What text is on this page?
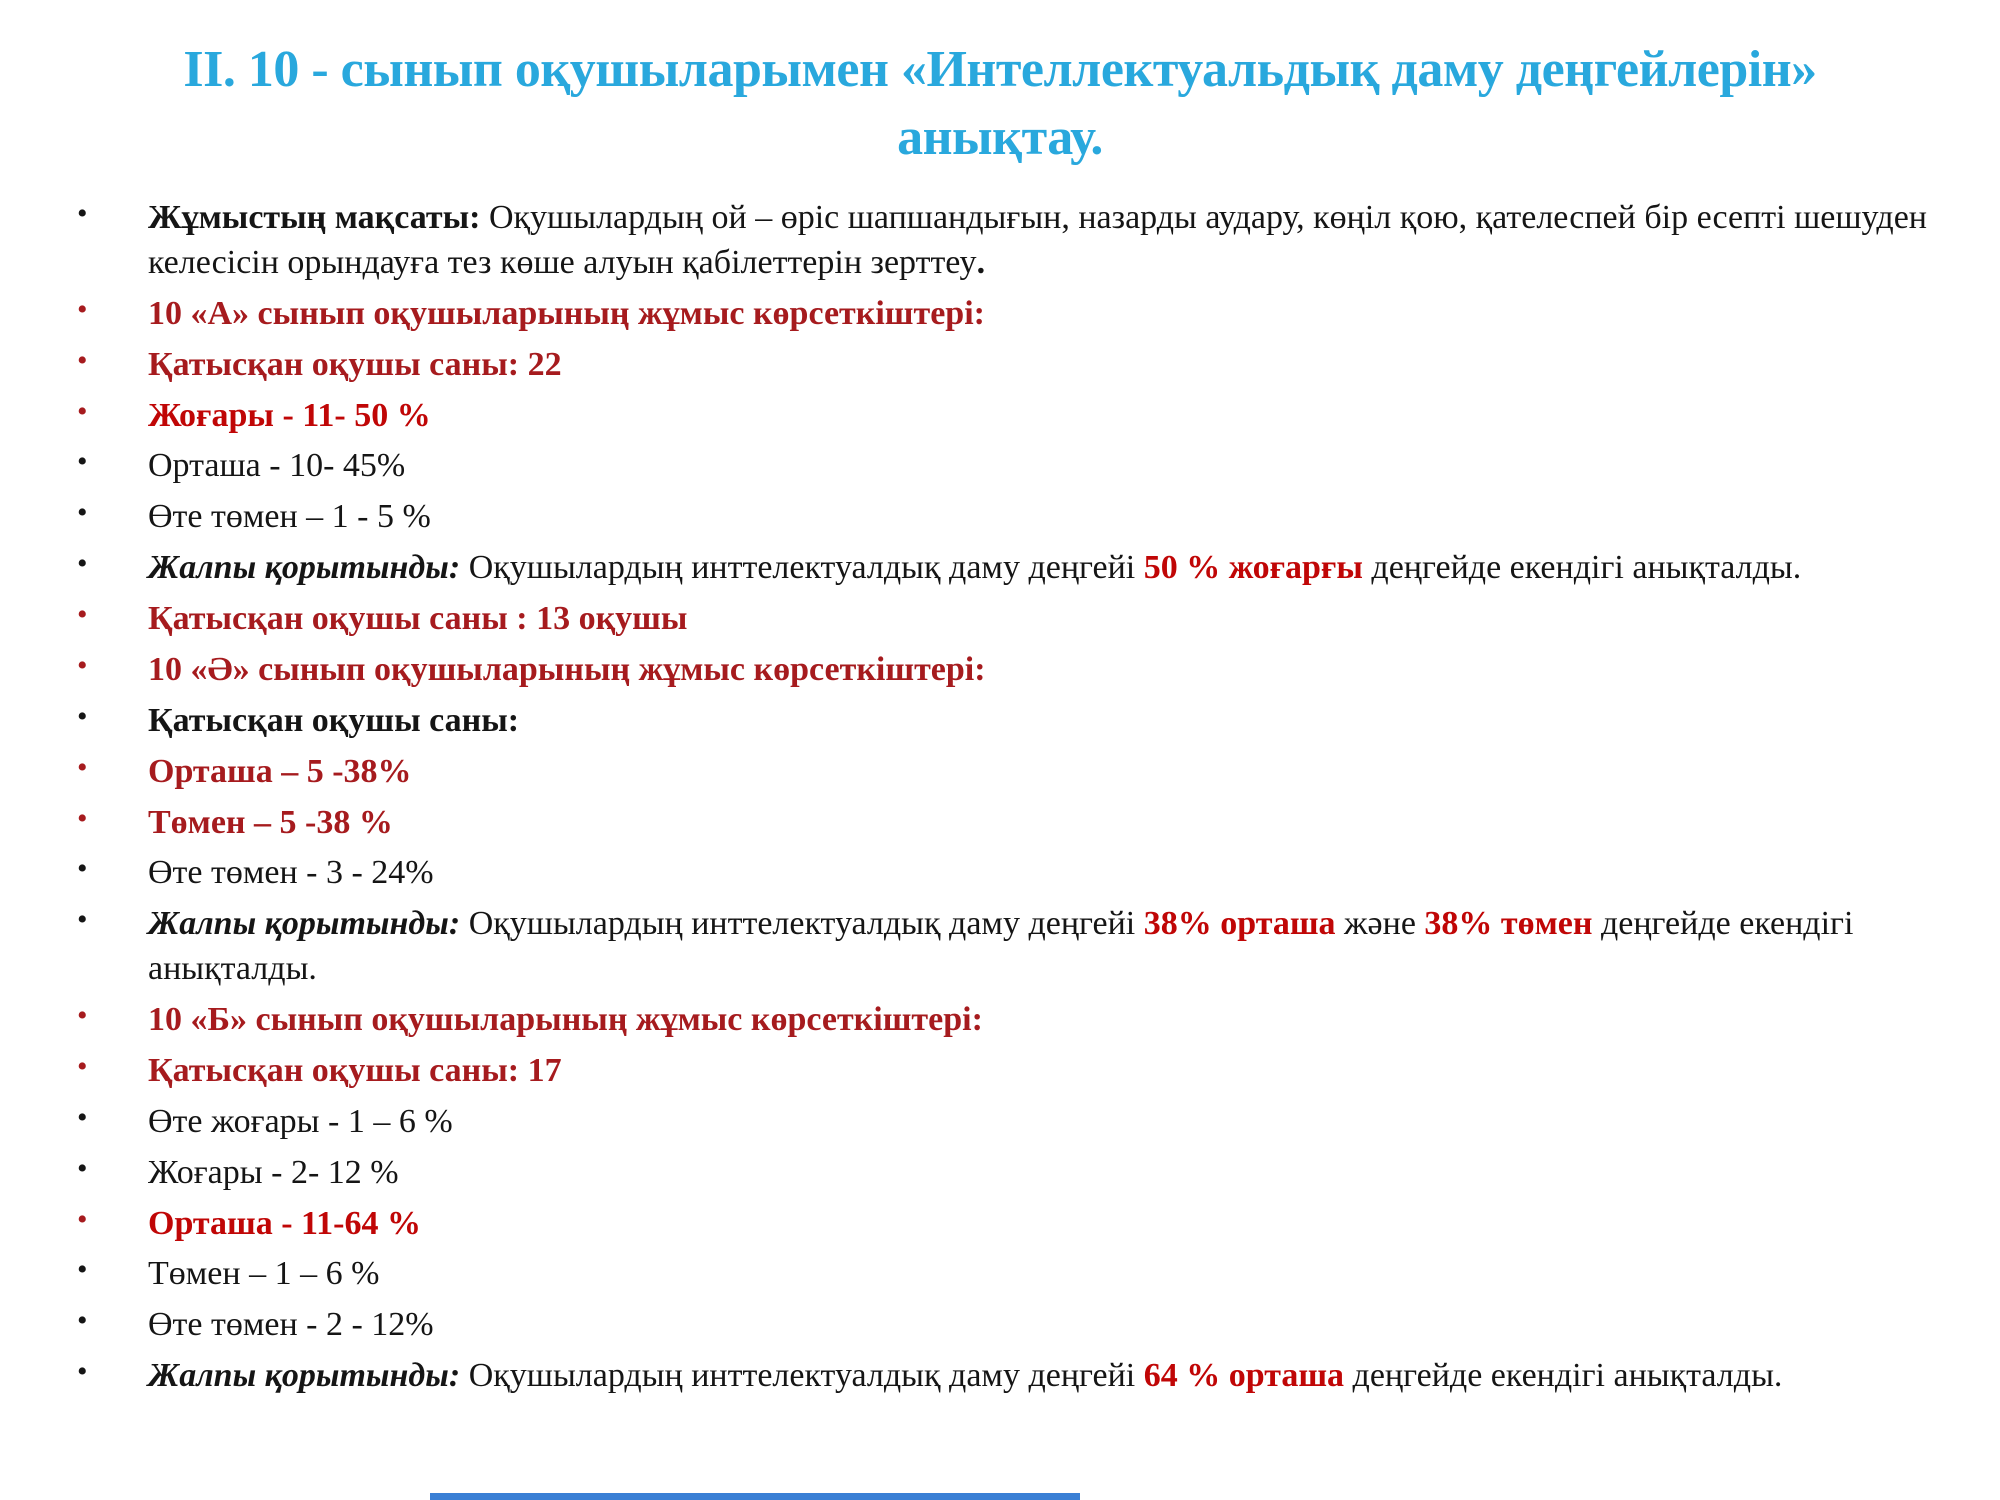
ІІ. 10 - сынып оқушыларымен «Интеллектуальдық даму деңгейлерін»
анықтау.
• Жұмыстың мақсаты: Оқушылардың ой – өріс шапшандығын, назарды аудару, көңіл қою, қателеспей бір есепті шешуден келесісін орындауға тез көше алуын қабілеттерін зерттеу.
• 10 «А» сынып оқушыларының жұмыс көрсеткіштері:
• Қатысқан оқушы саны: 22
• Жоғары - 11- 50 %
• Орташа - 10- 45%
• Өте төмен – 1 - 5 %
• Жалпы қорытынды: Оқушылардың инттелектуалдық даму деңгейі 50 % жоғарғы деңгейде екендігі анықталды.
• Қатысқан оқушы саны : 13 оқушы
• 10 «Ә» сынып оқушыларының жұмыс көрсеткіштері:
• Қатысқан оқушы саны:
• Орташа – 5 -38%
• Төмен – 5 -38 %
• Өте төмен - 3 - 24%
• Жалпы қорытынды: Оқушылардың инттелектуалдық даму деңгейі 38% орташа және 38% төмен деңгейде екендігі анықталды.
• 10 «Б» сынып оқушыларының жұмыс көрсеткіштері:
• Қатысқан оқушы саны: 17
• Өте жоғары - 1 – 6 %
• Жоғары - 2- 12 %
• Орташа - 11-64 %
• Төмен – 1 – 6 %
• Өте төмен - 2 - 12%
• Жалпы қорытынды: Оқушылардың инттелектуалдық даму деңгейі 64 % орташа деңгейде екендігі анықталды.
